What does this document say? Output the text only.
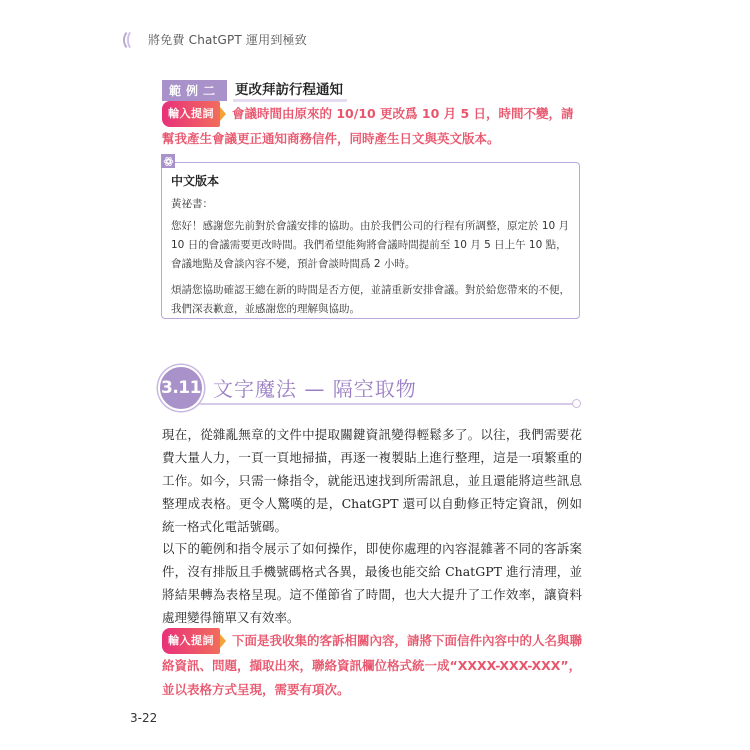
將免費 ChatGPT 運用到極致
範例二	更改拜訪行程通知
輸入提詞	會議時間由原來的 10/10 更改爲 10 月 5 日，時間不變，請幫我產生會議更正通知商務信件，同時產生日文與英文版本。
中文版本
黃祕書：
您好！感謝您先前對於會議安排的協助。由於我們公司的行程有所調整，原定於 10 月 10 日的會議需要更改時間。我們希望能夠將會議時間提前至 10 月 5 日上午 10 點，會議地點及會談內容不變，預計會談時間爲 2 小時。
煩請您協助確認王總在新的時間是否方便，並請重新安排會議。對於給您帶來的不便，我們深表歉意，並感謝您的理解與協助。
3.11 文字魔法 — 隔空取物
現在，從雜亂無章的文件中提取關鍵資訊變得輕鬆多了。以往，我們需要花費大量人力，一頁一頁地掃描，再逐一複製貼上進行整理，這是一項繁重的工作。如今，只需一條指令，就能迅速找到所需訊息，並且還能將這些訊息整理成表格。更令人驚嘆的是，ChatGPT 還可以自動修正特定資訊，例如統一格式化電話號碼。
以下的範例和指令展示了如何操作，即使你處理的內容混雜著不同的客訴案件，沒有排版且手機號碼格式各異，最後也能交給 ChatGPT 進行清理，並將結果轉為表格呈現。這不僅節省了時間，也大大提升了工作效率，讓資料處理變得簡單又有效率。
輸入提詞	下面是我收集的客訴相關內容，請將下面信件內容中的人名與聯絡資訊、問題，擷取出來，聯絡資訊欄位格式統一成“XXXX-XXX-XXX”，並以表格方式呈現，需要有項次。
3-22
